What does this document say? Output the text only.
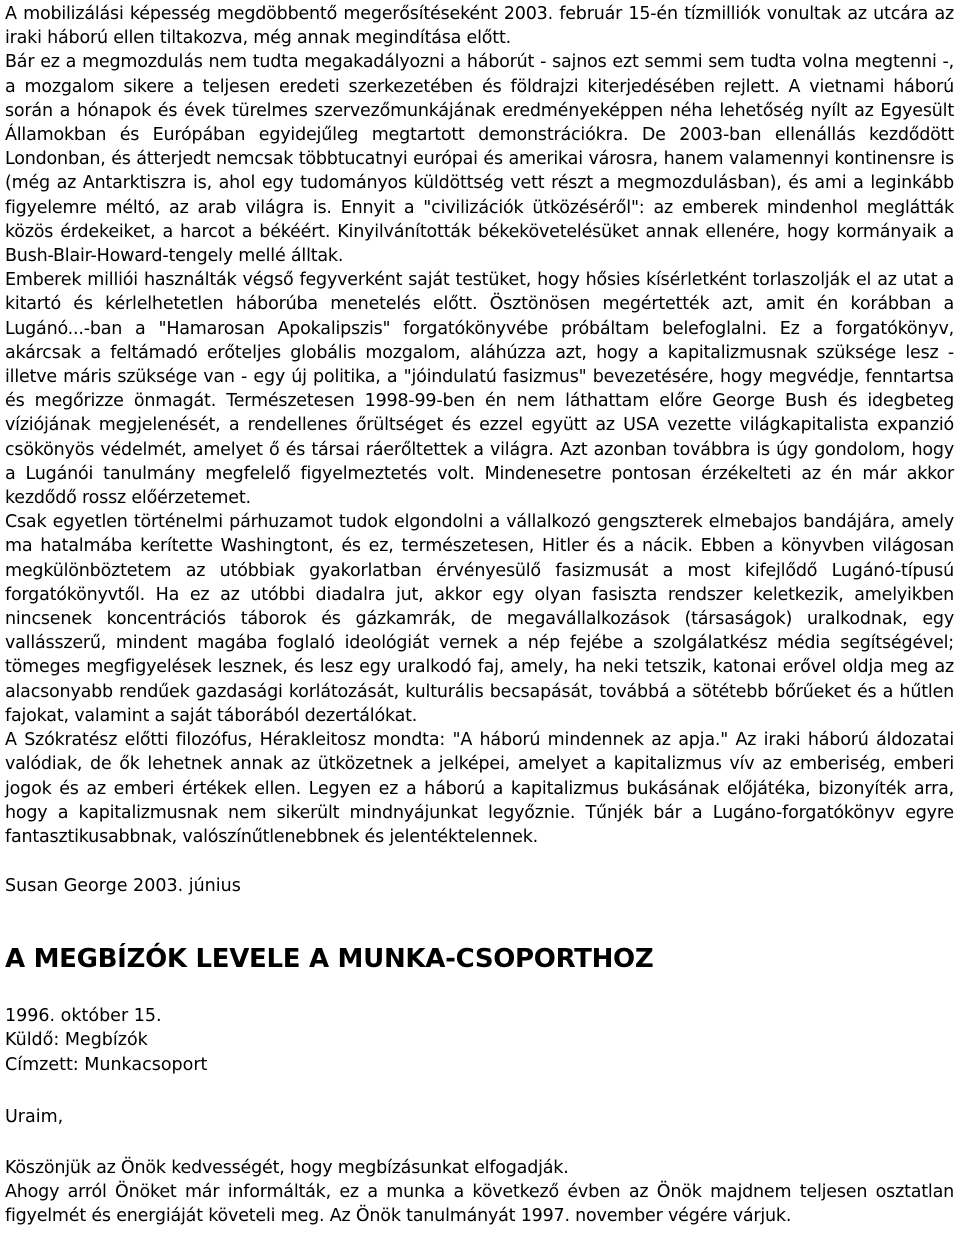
A mobilizálási képesség megdöbbentő megerősítéseként 2003. február 15-én tízmilliók vonultak az utcára az iraki háború ellen tiltakozva, még annak megindítása előtt.

Bár ez a megmozdulás nem tudta megakadályozni a háborút - sajnos ezt semmi sem tudta volna megtenni -, a mozgalom sikere a teljesen eredeti szerkezetében és földrajzi kiterjedésében rejlett. A vietnami háború során a hónapok és évek türelmes szervezőmunkájának eredményeképpen néha lehetőség nyílt az Egyesült Államokban és Európában egyidejűleg megtartott demonstrációkra. De 2003-ban ellenállás kezdődött Londonban, és átterjedt nemcsak többtucatnyi európai és amerikai városra, hanem valamennyi kontinensre is (még az Antarktiszra is, ahol egy tudományos küldöttség vett részt a megmozdulásban), és ami a leginkább figyelemre méltó, az arab világra is. Ennyit a "civilizációk ütközéséről": az emberek mindenhol meglátták közös érdekeiket, a harcot a békéért. Kinyilvánították békekövetelésüket annak ellenére, hogy kormányaik a Bush-Blair-Howard-tengely mellé álltak.

Emberek milliói használták végső fegyverként saját testüket, hogy hősies kísérletként torlaszolják el az utat a kitartó és kérlelhetetlen háborúba menetelés előtt. Ösztönösen megértették azt, amit én korábban a Lugánó...-ban a "Hamarosan Apokalipszis" forgatókönyvébe próbáltam belefoglalni. Ez a forgatókönyv, akárcsak a feltámadó erőteljes globális mozgalom, aláhúzza azt, hogy a kapitalizmusnak szüksége lesz - illetve máris szüksége van - egy új politika, a "jóindulatú fasizmus" bevezetésére, hogy megvédje, fenntartsa és megőrizze önmagát. Természetesen 1998-99-ben én nem láthattam előre George Bush és idegbeteg víziójának megjelenését, a rendellenes őrültséget és ezzel együtt az USA vezette világkapitalista expanzió csökönyös védelmét, amelyet ő és társai ráerőltettek a világra. Azt azonban továbbra is úgy gondolom, hogy a Lugánói tanulmány megfelelő figyelmeztetés volt. Mindenesetre pontosan érzékelteti az én már akkor kezdődő rossz előérzetemet.

Csak egyetlen történelmi párhuzamot tudok elgondolni a vállalkozó gengszterek elmebajos bandájára, amely ma hatalmába kerítette Washingtont, és ez, természetesen, Hitler és a nácik. Ebben a könyvben világosan megkülönböztetem az utóbbiak gyakorlatban érvényesülő fasizmusát a most kifejlődő Lugánó-típusú forgatókönyvtől. Ha ez az utóbbi diadalra jut, akkor egy olyan fasiszta rendszer keletkezik, amelyikben nincsenek koncentrációs táborok és gázkamrák, de megavállalkozások (társaságok) uralkodnak, egy vallásszerű, mindent magába foglaló ideológiát vernek a nép fejébe a szolgálatkész média segítségével; tömeges megfigyelések lesznek, és lesz egy uralkodó faj, amely, ha neki tetszik, katonai erővel oldja meg az alacsonyabb rendűek gazdasági korlátozását, kulturális becsapását, továbbá a sötétebb bőrűeket és a hűtlen fajokat, valamint a saját táborából dezertálókat.

A Szókratész előtti filozófus, Hérakleitosz mondta: "A háború mindennek az apja." Az iraki háború áldozatai valódiak, de ők lehetnek annak az ütközetnek a jelképei, amelyet a kapitalizmus vív az emberiség, emberi jogok és az emberi értékek ellen. Legyen ez a háború a kapitalizmus bukásának előjátéka, bizonyíték arra, hogy a kapitalizmusnak nem sikerült mindnyájunkat legyőznie. Tűnjék bár a Lugáno-forgatókönyv egyre fantasztikusabbnak, valószínűtlenebbnek és jelentéktelennek.

Susan George 2003. június
A MEGBÍZÓK LEVELE A MUNKA-CSOPORTHOZ
1996. október 15.
Küldő: Megbízók
Címzett: Munkacsoport
Uraim,

Köszönjük az Önök kedvességét, hogy megbízásunkat elfogadják.

Ahogy arról Önöket már informálták, ez a munka a következő évben az Önök majdnem teljesen osztatlan figyelmét és energiáját követeli meg. Az Önök tanulmányát 1997. november végére várjuk.
